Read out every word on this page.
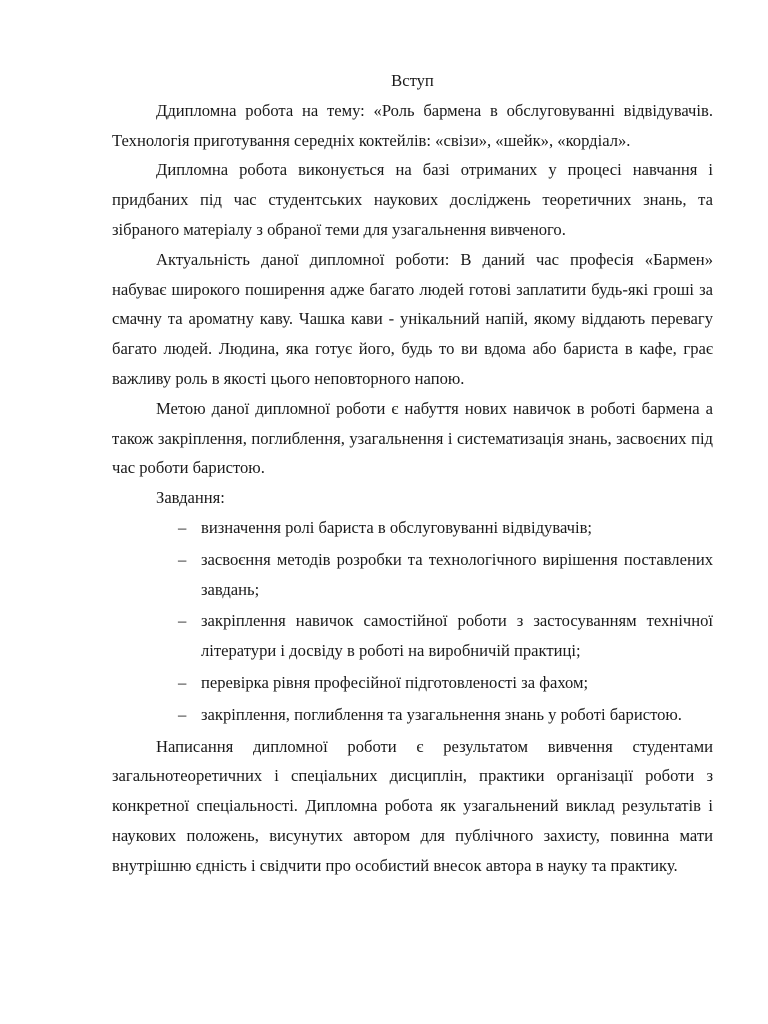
Вступ

Ддипломна робота на тему: «Роль бармена в обслуговуванні відвідувачів. Технологія приготування середніх коктейлів: «свізи», «шейк», «кордіал».

Дипломна робота виконується на базі отриманих у процесі навчання і придбаних під час студентських наукових досліджень теоретичних знань, та зібраного матеріалу з обраної теми для узагальнення вивченого.

Актуальність даної дипломної роботи: В даний час професія «Бармен» набуває широкого поширення адже багато людей готові заплатити будь-які гроші за смачну та ароматну каву. Чашка кави - унікальний напій, якому віддають перевагу багато людей. Людина, яка готує його, будь то ви вдома або бариста в кафе, грає важливу роль в якості цього неповторного напою.

Метою даної дипломної роботи є набуття нових навичок в роботі бармена а також закріплення, поглиблення, узагальнення і систематизація знань, засвоєних під час роботи баристою.

Завдання:

– визначення ролі бариста в обслуговуванні відвідувачів;
– засвоєння методів розробки та технологічного вирішення поставлених завдань;
– закріплення навичок самостійної роботи з застосуванням технічної літератури і досвіду в роботі на виробничій практиці;
– перевірка рівня професійної підготовленості за фахом;
– закріплення, поглиблення та узагальнення знань у роботі баристою.

Написання дипломної роботи є результатом вивчення студентами загальнотеоретичних і спеціальних дисциплін, практики організації роботи з конкретної спеціальності. Дипломна робота як узагальнений виклад результатів і наукових положень, висунутих автором для публічного захисту, повинна мати внутрішню єдність і свідчити про особистий внесок автора в науку та практику.
